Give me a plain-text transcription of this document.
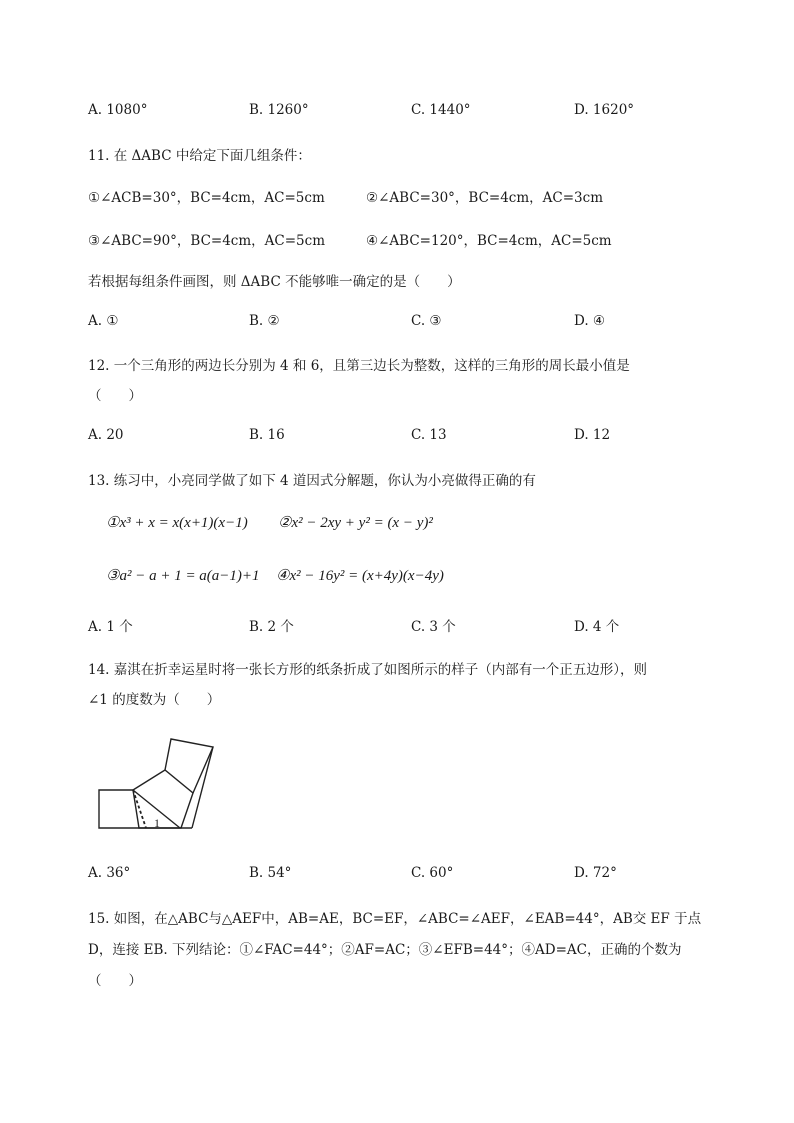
A. 1080°	B. 1260°	C. 1440°	D. 1620°
11. 在 ΔABC 中给定下面几组条件：
①∠ACB=30°，BC=4cm，AC=5cm	②∠ABC=30°，BC=4cm，AC=3cm
③∠ABC=90°，BC=4cm，AC=5cm	④∠ABC=120°，BC=4cm，AC=5cm
若根据每组条件画图，则 ΔABC 不能够唯一确定的是（　　）
A. ①	B. ②	C. ③	D. ④
12. 一个三角形的两边长分别为 4 和 6，且第三边长为整数，这样的三角形的周长最小值是
（　　）
A. 20	B. 16	C. 13	D. 12
13. 练习中，小亮同学做了如下 4 道因式分解题，你认为小亮做得正确的有
①x³ + x = x(x+1)(x−1) ②x² − 2xy + y² = (x − y)²
③a² − a + 1 = a(a−1)+1 ④x² − 16y² = (x+4y)(x−4y)
A. 1 个	B. 2 个	C. 3 个	D. 4 个
14. 嘉淇在折幸运星时将一张长方形的纸条折成了如图所示的样子（内部有一个正五边形），则
∠1 的度数为（　　）
1
A. 36°	B. 54°	C. 60°	D. 72°
15. 如图，在△ABC与△AEF中，AB=AE，BC=EF，∠ABC=∠AEF，∠EAB=44°，AB交 EF 于点
D，连接 EB. 下列结论：①∠FAC=44°；②AF=AC；③∠EFB=44°；④AD=AC，正确的个数为
（　　）
